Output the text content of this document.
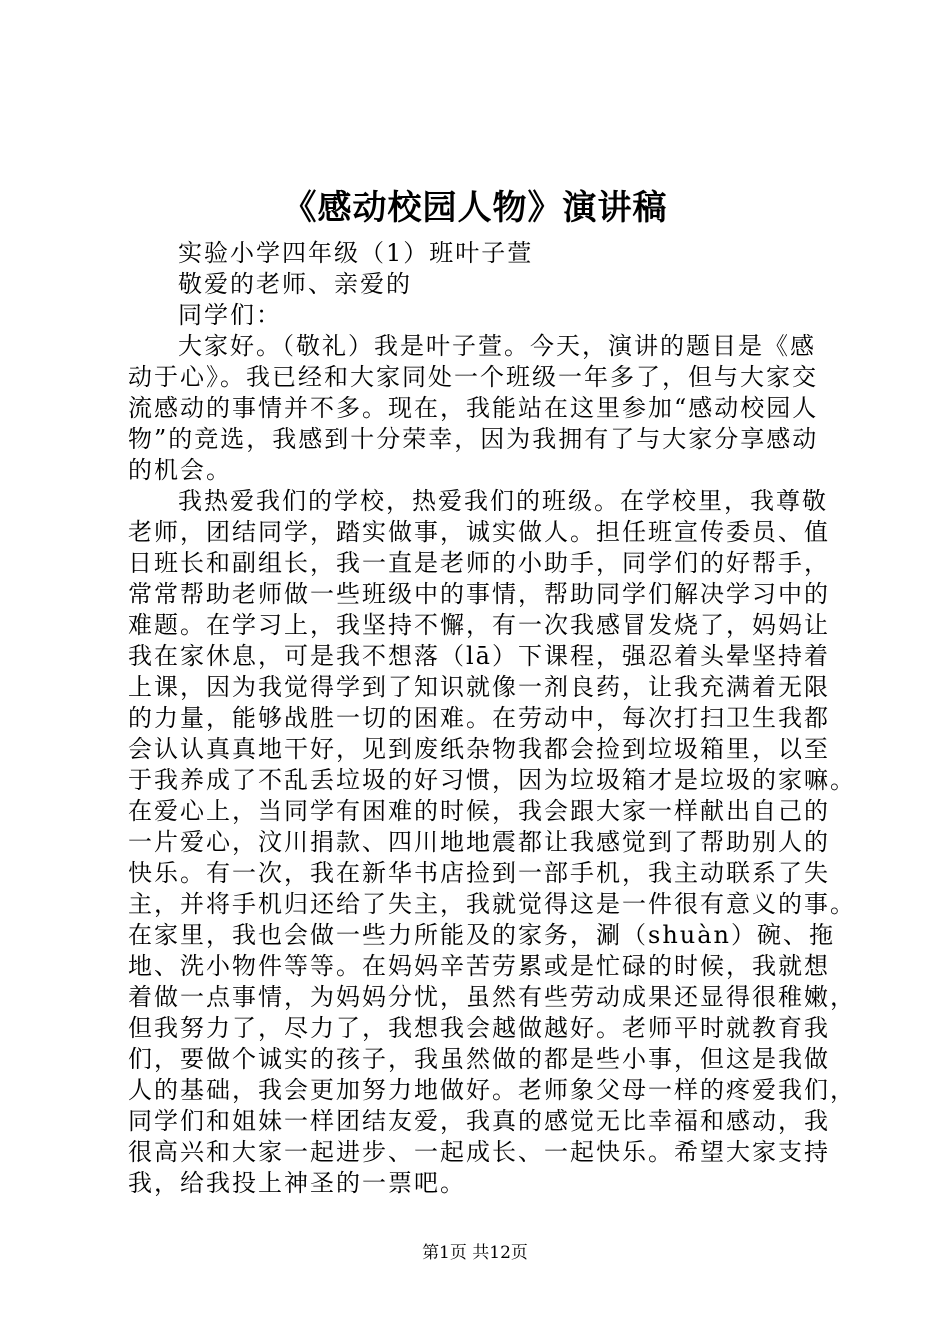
《感动校园人物》演讲稿
实验小学四年级（1）班叶子萱
敬爱的老师、亲爱的
同学们：
大家好。（敬礼）我是叶子萱。今天，演讲的题目是《感
动于心》。我已经和大家同处一个班级一年多了，但与大家交
流感动的事情并不多。现在，我能站在这里参加“感动校园人
物”的竞选，我感到十分荣幸，因为我拥有了与大家分享感动
的机会。
我热爱我们的学校，热爱我们的班级。在学校里，我尊敬
老师，团结同学，踏实做事，诚实做人。担任班宣传委员、值
日班长和副组长，我一直是老师的小助手，同学们的好帮手，
常常帮助老师做一些班级中的事情，帮助同学们解决学习中的
难题。在学习上，我坚持不懈，有一次我感冒发烧了，妈妈让
我在家休息，可是我不想落（lā）下课程，强忍着头晕坚持着
上课，因为我觉得学到了知识就像一剂良药，让我充满着无限
的力量，能够战胜一切的困难。在劳动中，每次打扫卫生我都
会认认真真地干好，见到废纸杂物我都会捡到垃圾箱里，以至
于我养成了不乱丢垃圾的好习惯，因为垃圾箱才是垃圾的家嘛。
在爱心上，当同学有困难的时候，我会跟大家一样献出自己的
一片爱心，汶川捐款、四川地地震都让我感觉到了帮助别人的
快乐。有一次，我在新华书店捡到一部手机，我主动联系了失
主，并将手机归还给了失主，我就觉得这是一件很有意义的事。
在家里，我也会做一些力所能及的家务，涮（shuàn）碗、拖
地、洗小物件等等。在妈妈辛苦劳累或是忙碌的时候，我就想
着做一点事情，为妈妈分忧，虽然有些劳动成果还显得很稚嫩，
但我努力了，尽力了，我想我会越做越好。老师平时就教育我
们，要做个诚实的孩子，我虽然做的都是些小事，但这是我做
人的基础，我会更加努力地做好。老师象父母一样的疼爱我们，
同学们和姐妹一样团结友爱，我真的感觉无比幸福和感动，我
很高兴和大家一起进步、一起成长、一起快乐。希望大家支持
我，给我投上神圣的一票吧。
第1页 共12页
